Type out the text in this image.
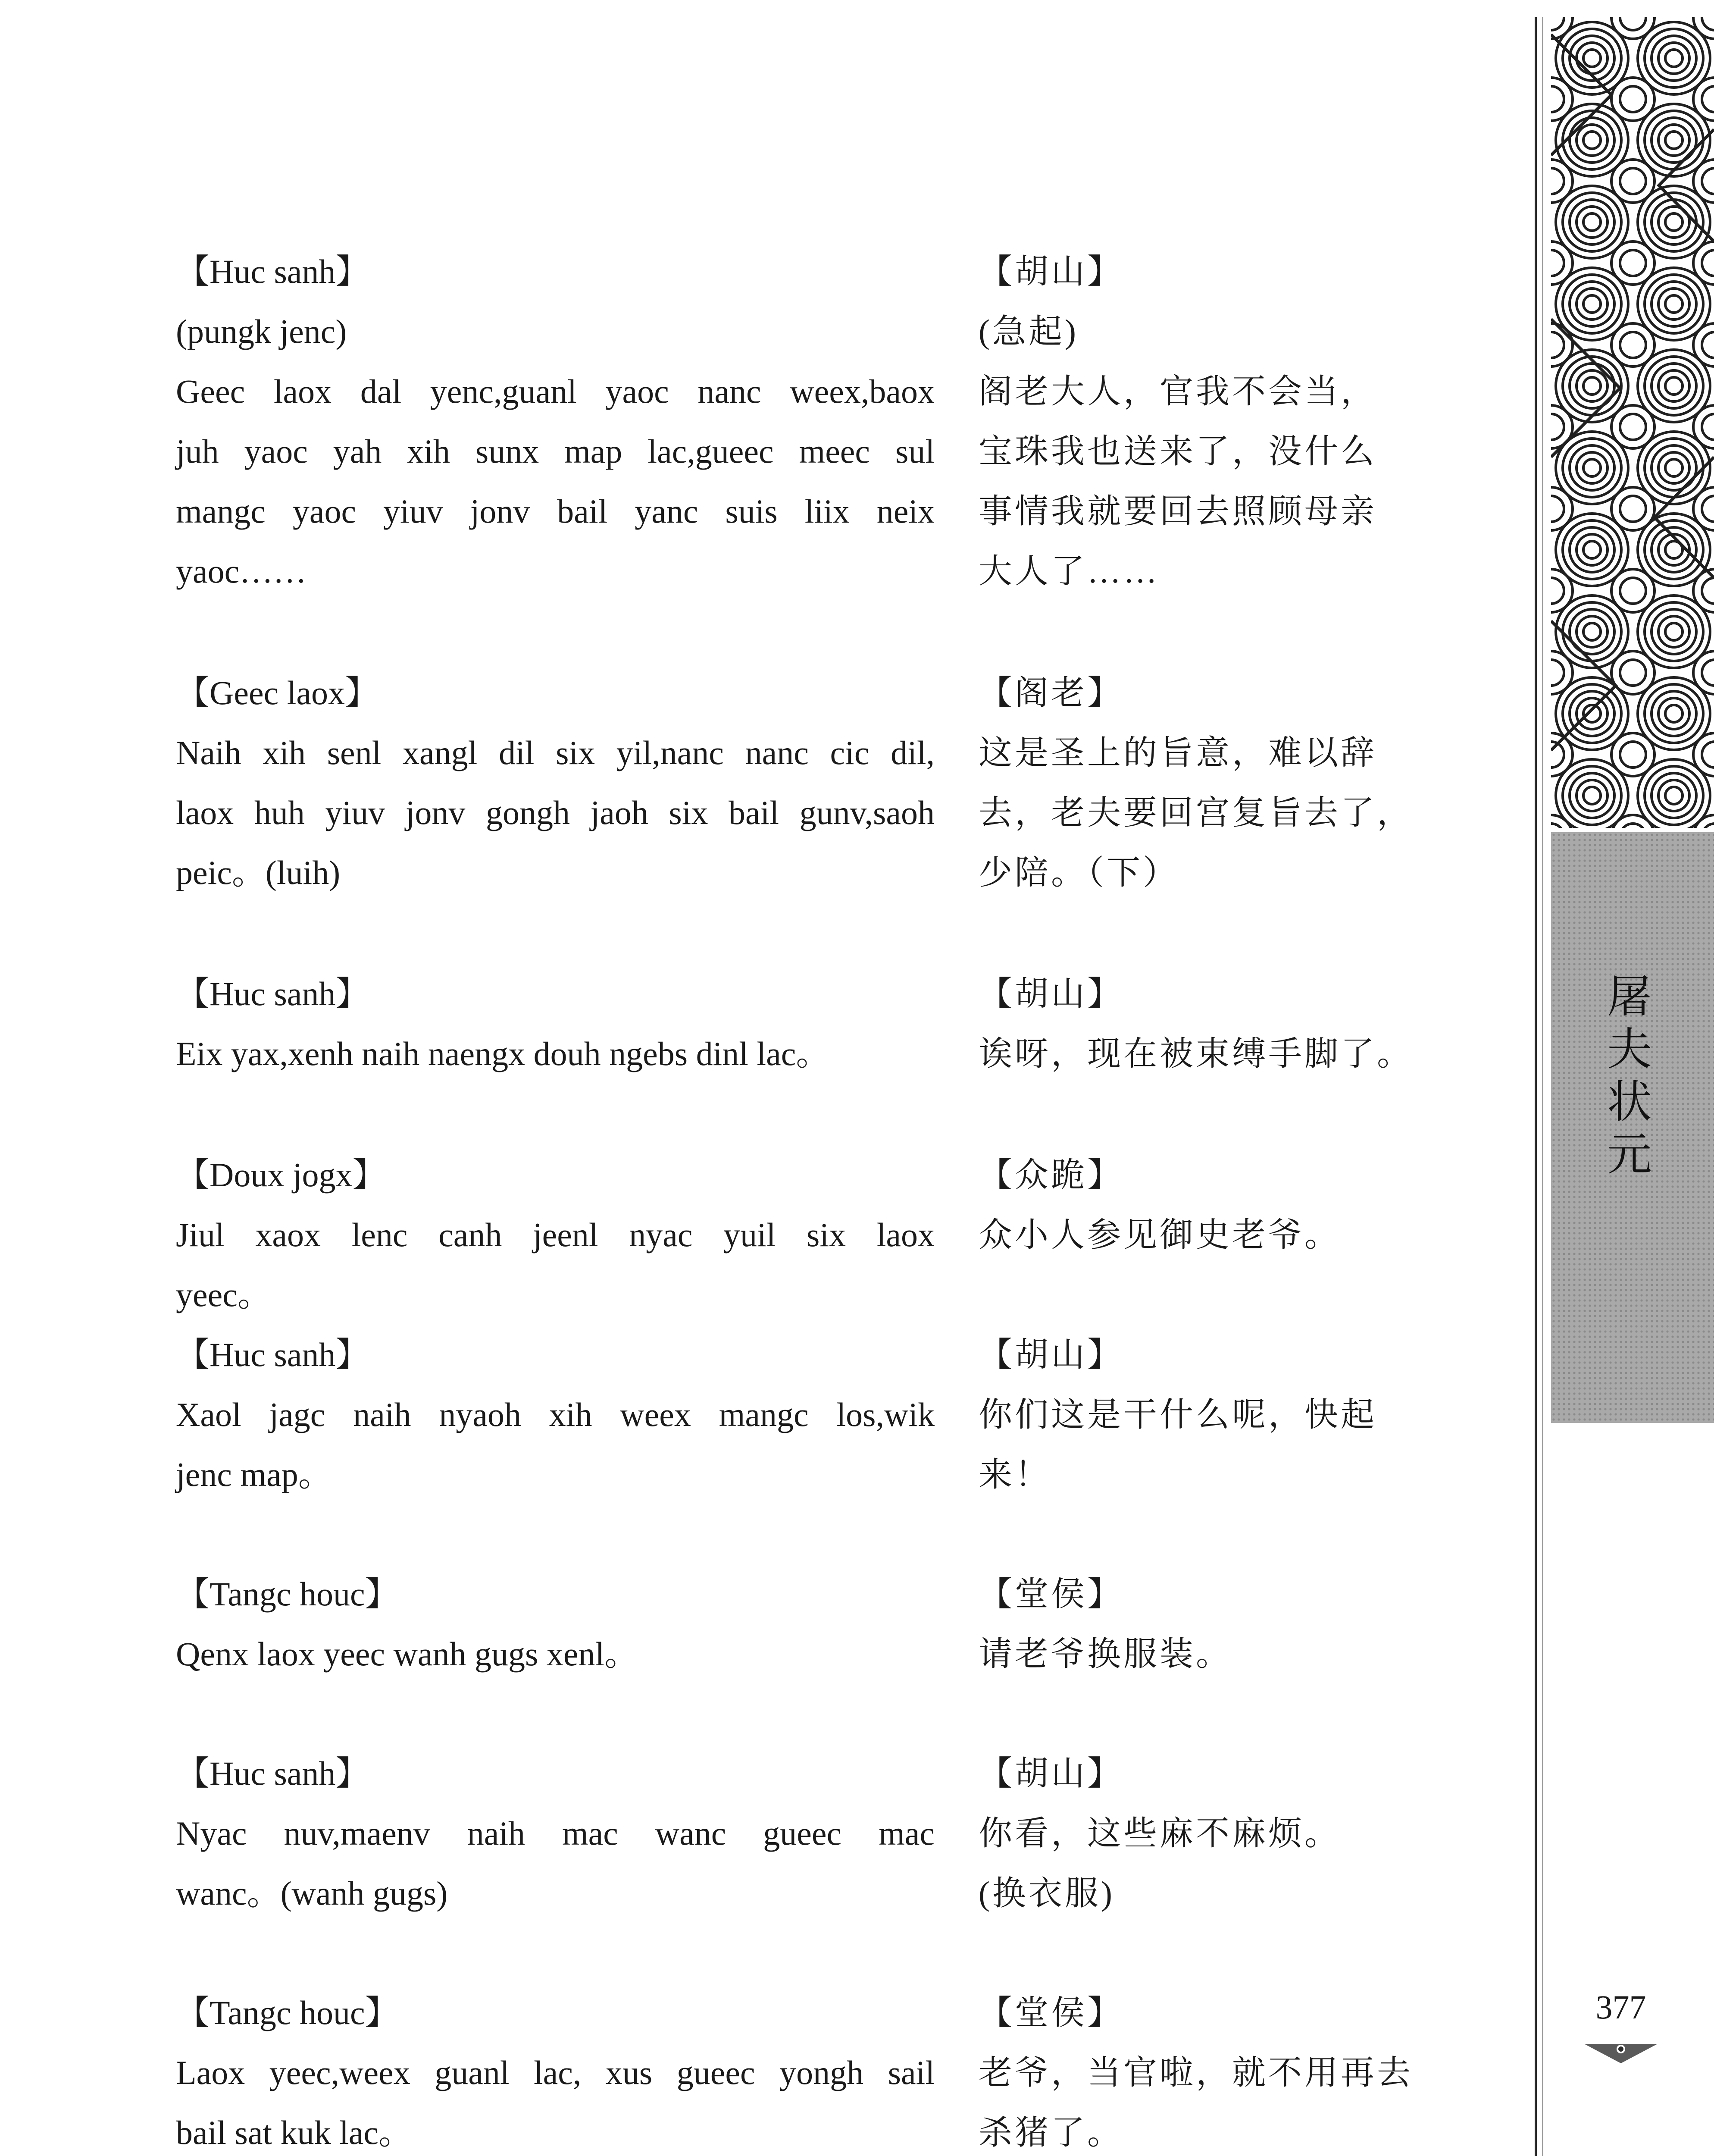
【Huc sanh】
(pungk jenc)
Geec laox dal yenc,guanl yaoc nanc weex,baox
juh yaoc yah xih sunx map lac,gueec meec sul
mangc yaoc yiuv jonv bail yanc suis liix neix
yaoc……
【Geec laox】
Naih xih senl xangl dil six yil,nanc nanc cic dil,
laox huh yiuv jonv gongh jaoh six bail gunv,saoh
peic。(luih)
【Huc sanh】
Eix yax,xenh naih naengx douh ngebs dinl lac。
【Doux jogx】
Jiul xaox lenc canh jeenl nyac yuil six laox
yeec。
【Huc sanh】
Xaol jagc naih nyaoh xih weex mangc los,wik
jenc map。
【Tangc houc】
Qenx laox yeec wanh gugs xenl。
【Huc sanh】
Nyac nuv,maenv naih mac wanc gueec mac
wanc。(wanh gugs)
【Tangc houc】
Laox yeec,weex guanl lac, xus gueec yongh sail
bail sat kuk lac。
【胡山】
(急起)
阁老大人，官我不会当，
宝珠我也送来了，没什么
事情我就要回去照顾母亲
大人了……
【阁老】
这是圣上的旨意，难以辞
去，老夫要回宫复旨去了，
少陪。（下）
【胡山】
诶呀，现在被束缚手脚了。
【众跪】
众小人参见御史老爷。
【胡山】
你们这是干什么呢，快起
来！
【堂侯】
请老爷换服装。
【胡山】
你看，这些麻不麻烦。
(换衣服)
【堂侯】
老爷，当官啦，就不用再去
杀猪了。
屠
夫
状
元
377
